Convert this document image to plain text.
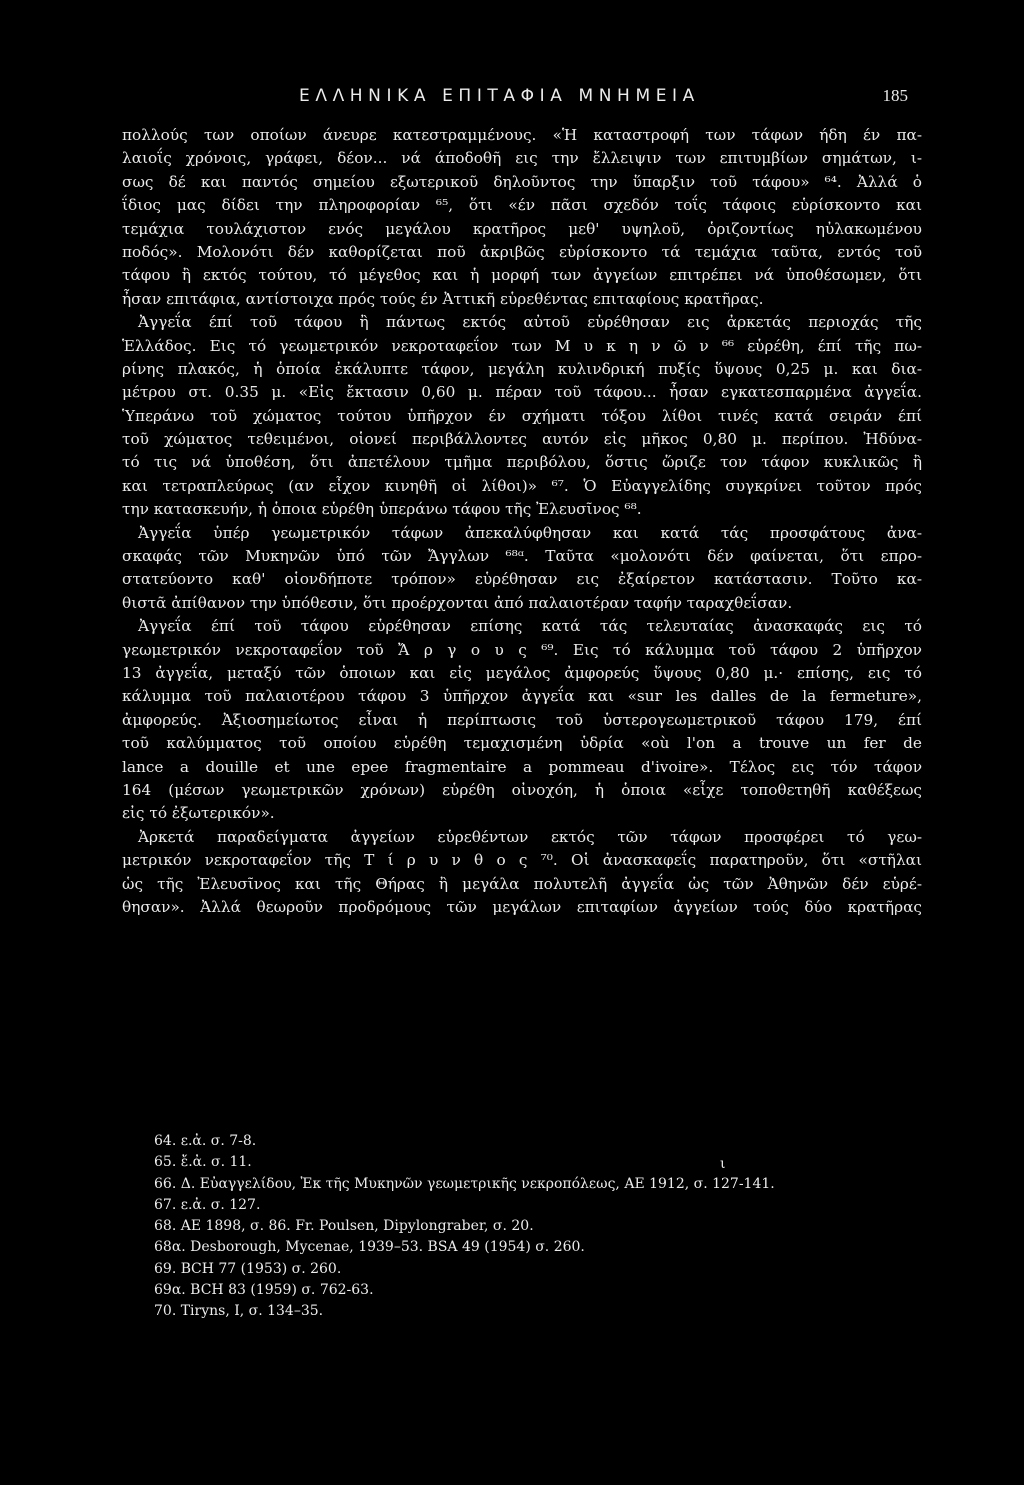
ΕΛΛΗΝΙΚΑ ΕΠΙΤΑΦΙΑ ΜΝΗΜΕΙΑ	185
πολλούς των οποίων άνευρε κατεστραμμένους. «Ἡ καταστροφή των τάφων ήδη έν πα-
λαιοΐς χρόνοις, γράφει, δέον... νά άποδοθῆ εις την ἔλλειψιν των επιτυμβίων σημάτων, ι-
σως δέ και παντός σημείου εξωτερικοῦ δηλοῦντος την ὕπαρξιν τοῦ τάφου» ⁶⁴. Ἀλλά ὁ
ΐδιος μας δίδει την πληροφορίαν ⁶⁵, ὅτι «έν πᾶσι σχεδόν τοΐς τάφοις εὑρίσκοντο και
τεμάχια τουλάχιστον ενός μεγάλου κρατῆρος μεθ' υψηλοῦ, ὁριζοντίως ηὐλακωμένου
ποδός». Μολονότι δέν καθορίζεται ποῦ ἀκριβῶς εὑρίσκοντο τά τεμάχια ταῦτα, εντός τοῦ
τάφου ἢ εκτός τούτου, τό μέγεθος και ἡ μορφή των ἀγγείων επιτρέπει νά ὑποθέσωμεν, ὅτι
ἦσαν επιτάφια, αντίστοιχα πρός τούς έν Ἀττικῆ εὑρεθέντας επιταφίους κρατῆρας.
Ἀγγεΐα έπί τοῦ τάφου ἢ πάντως εκτός αὐτοῦ εὑρέθησαν εις ἀρκετάς περιοχάς τῆς
Ἑλλάδος. Εις τό γεωμετρικόν νεκροταφεΐον των Μ υ κ η ν ῶ ν ⁶⁶ εὑρέθη, έπί τῆς πω-
ρίνης πλακός, ἡ ὁποία ἐκάλυπτε τάφον, μεγάλη κυλινδρική πυξίς ὕψους 0,25 μ. και δια-
μέτρου στ. 0.35 μ. «Εἰς ἔκτασιν 0,60 μ. πέραν τοῦ τάφου... ἦσαν εγκατεσπαρμένα ἀγγεΐα.
Ὑπεράνω τοῦ χώματος τούτου ὑπῆρχον έν σχήματι τόξου λίθοι τινές κατά σειράν έπί
τοῦ χώματος τεθειμένοι, οἱονεί περιβάλλοντες αυτόν εἰς μῆκος 0,80 μ. περίπου. Ἠδύνα-
τό τις νά ὑποθέση, ὅτι ἀπετέλουν τμῆμα περιβόλου, ὅστις ὥριζε τον τάφον κυκλικῶς ἢ
και τετραπλεύρως (αν εἶχον κινηθῆ οἱ λίθοι)» ⁶⁷. Ὁ Εὐαγγελίδης συγκρίνει τοῦτον πρός
την κατασκευήν, ἡ ὁποια εὑρέθη ὑπεράνω τάφου τῆς Ἐλευσῖνος ⁶⁸.
Ἀγγεΐα ὑπέρ γεωμετρικόν τάφων ἀπεκαλύφθησαν και κατά τάς προσφάτους ἀνα-
σκαφάς τῶν Μυκηνῶν ὑπό τῶν Ἄγγλων ⁶⁸ᵅ. Ταῦτα «μολονότι δέν φαίνεται, ὅτι επρο-
στατεύοντο καθ' οἱονδήποτε τρόπον» εὑρέθησαν εις ἐξαίρετον κατάστασιν. Τοῦτο κα-
θιστᾶ ἀπίθανον την ὑπόθεσιν, ὅτι προέρχονται ἀπό παλαιοτέραν ταφήν ταραχθεΐσαν.
Ἀγγεΐα έπί τοῦ τάφου εὑρέθησαν επίσης κατά τάς τελευταίας ἀνασκαφάς εις τό
γεωμετρικόν νεκροταφεΐον τοῦ Ἄ ρ γ ο υ ς ⁶⁹. Εις τό κάλυμμα τοῦ τάφου 2 ὑπῆρχον
13 ἀγγεΐα, μεταξύ τῶν ὁποιων και εἰς μεγάλος ἀμφορεύς ὕψους 0,80 μ.· επίσης, εις τό
κάλυμμα τοῦ παλαιοτέρου τάφου 3 ὑπῆρχον ἀγγεΐα και «sur les dalles de la fermeture»,
ἀμφορεύς. Ἀξιοσημείωτος εἶναι ἡ περίπτωσις τοῦ ὑστερογεωμετρικοῦ τάφου 179, έπί
τοῦ καλύμματος τοῦ οποίου εὑρέθη τεμαχισμένη ὑδρία «où l'on a trouve un fer de
lance a douille et une epee fragmentaire a pommeau d'ivoire». Τέλος εις τόν τάφον
164 (μέσων γεωμετρικῶν χρόνων) εὑρέθη οἰνοχόη, ἡ ὁποια «εἶχε τοποθετηθῆ καθέξεως
εἰς τό ἐξωτερικόν».
Ἀρκετά παραδείγματα ἀγγείων εὑρεθέντων εκτός τῶν τάφων προσφέρει τό γεω-
μετρικόν νεκροταφεΐον τῆς Τ ί ρ υ ν θ ο ς ⁷⁰. Οἱ ἀνασκαφεΐς παρατηροῦν, ὅτι «στῆλαι
ὡς τῆς Ἐλευσῖνος και τῆς Θήρας ἢ μεγάλα πολυτελῆ ἀγγεΐα ὡς τῶν Ἀθηνῶν δέν εὑρέ-
θησαν». Ἀλλά θεωροῦν προδρόμους τῶν μεγάλων επιταφίων ἀγγείων τούς δύο κρατῆρας
ι
64. ε.ἀ. σ. 7-8.
65. ἔ.ἀ. σ. 11.
66. Δ. Εὐαγγελίδου, Ἐκ τῆς Μυκηνῶν γεωμετρικῆς νεκροπόλεως, ΑΕ 1912, σ. 127-141.
67. ε.ἀ. σ. 127.
68. ΑΕ 1898, σ. 86. Fr. Poulsen, Dipylongraber, σ. 20.
68α. Desborough, Mycenae, 1939–53. BSA 49 (1954) σ. 260.
69. ΒCH 77 (1953) σ. 260.
69α. BCH 83 (1959) σ. 762-63.
70. Tiryns, I, σ. 134–35.
